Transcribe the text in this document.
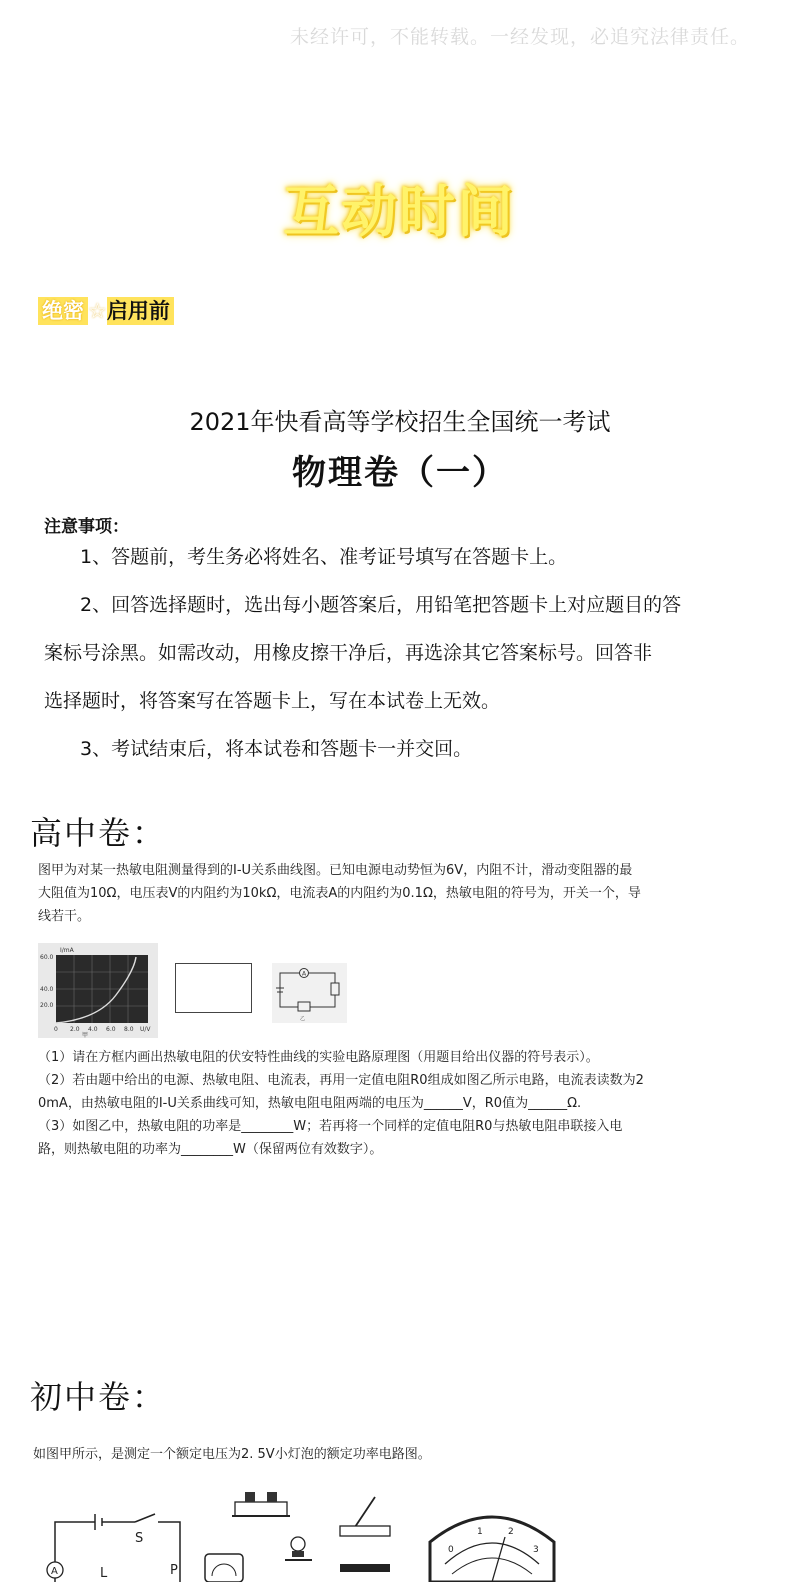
未经许可，不能转载。一经发现，必追究法律责任。
互动时间
绝密 ☆启用前
2021年快看高等学校招生全国统一考试
物理卷（一）
注意事项：

1、答题前，考生务必将姓名、准考证号填写在答题卡上。

2、回答选择题时，选出每小题答案后，用铅笔把答题卡上对应题目的答

案标号涂黑。如需改动，用橡皮擦干净后，再选涂其它答案标号。回答非

选择题时，将答案写在答题卡上，写在本试卷上无效。

3、考试结束后，将本试卷和答题卡一并交回。

高中卷：
图甲为对某一热敏电阻测量得到的I-U关系曲线图。已知电源电动势恒为6V，内阻不计，滑动变阻器的最
大阻值为10Ω，电压表V的内阻约为10kΩ，电流表A的内阻约为0.1Ω，热敏电阻的符号为，开关一个，导
线若干。
I/mA
60.0
40.0
20.0
0 2.0 4.0 6.0 8.0 U/V
甲
A
乙
（1）请在方框内画出热敏电阻的伏安特性曲线的实验电路原理图（用题目给出仪器的符号表示）。
（2）若由题中给出的电源、热敏电阻、电流表，再用一定值电阻R0组成如图乙所示电路，电流表读数为2
0mA，由热敏电阻的I-U关系曲线可知，热敏电阻电阻两端的电压为______V，R0值为______Ω.
（3）如图乙中，热敏电阻的功率是________W；若再将一个同样的定值电阻R0与热敏电阻串联接入电
路，则热敏电阻的功率为________W（保留两位有效数字）。
初中卷：
如图甲所示，是测定一个额定电压为2. 5V小灯泡的额定功率电路图。
A
S
L	P
0
1	2
3
